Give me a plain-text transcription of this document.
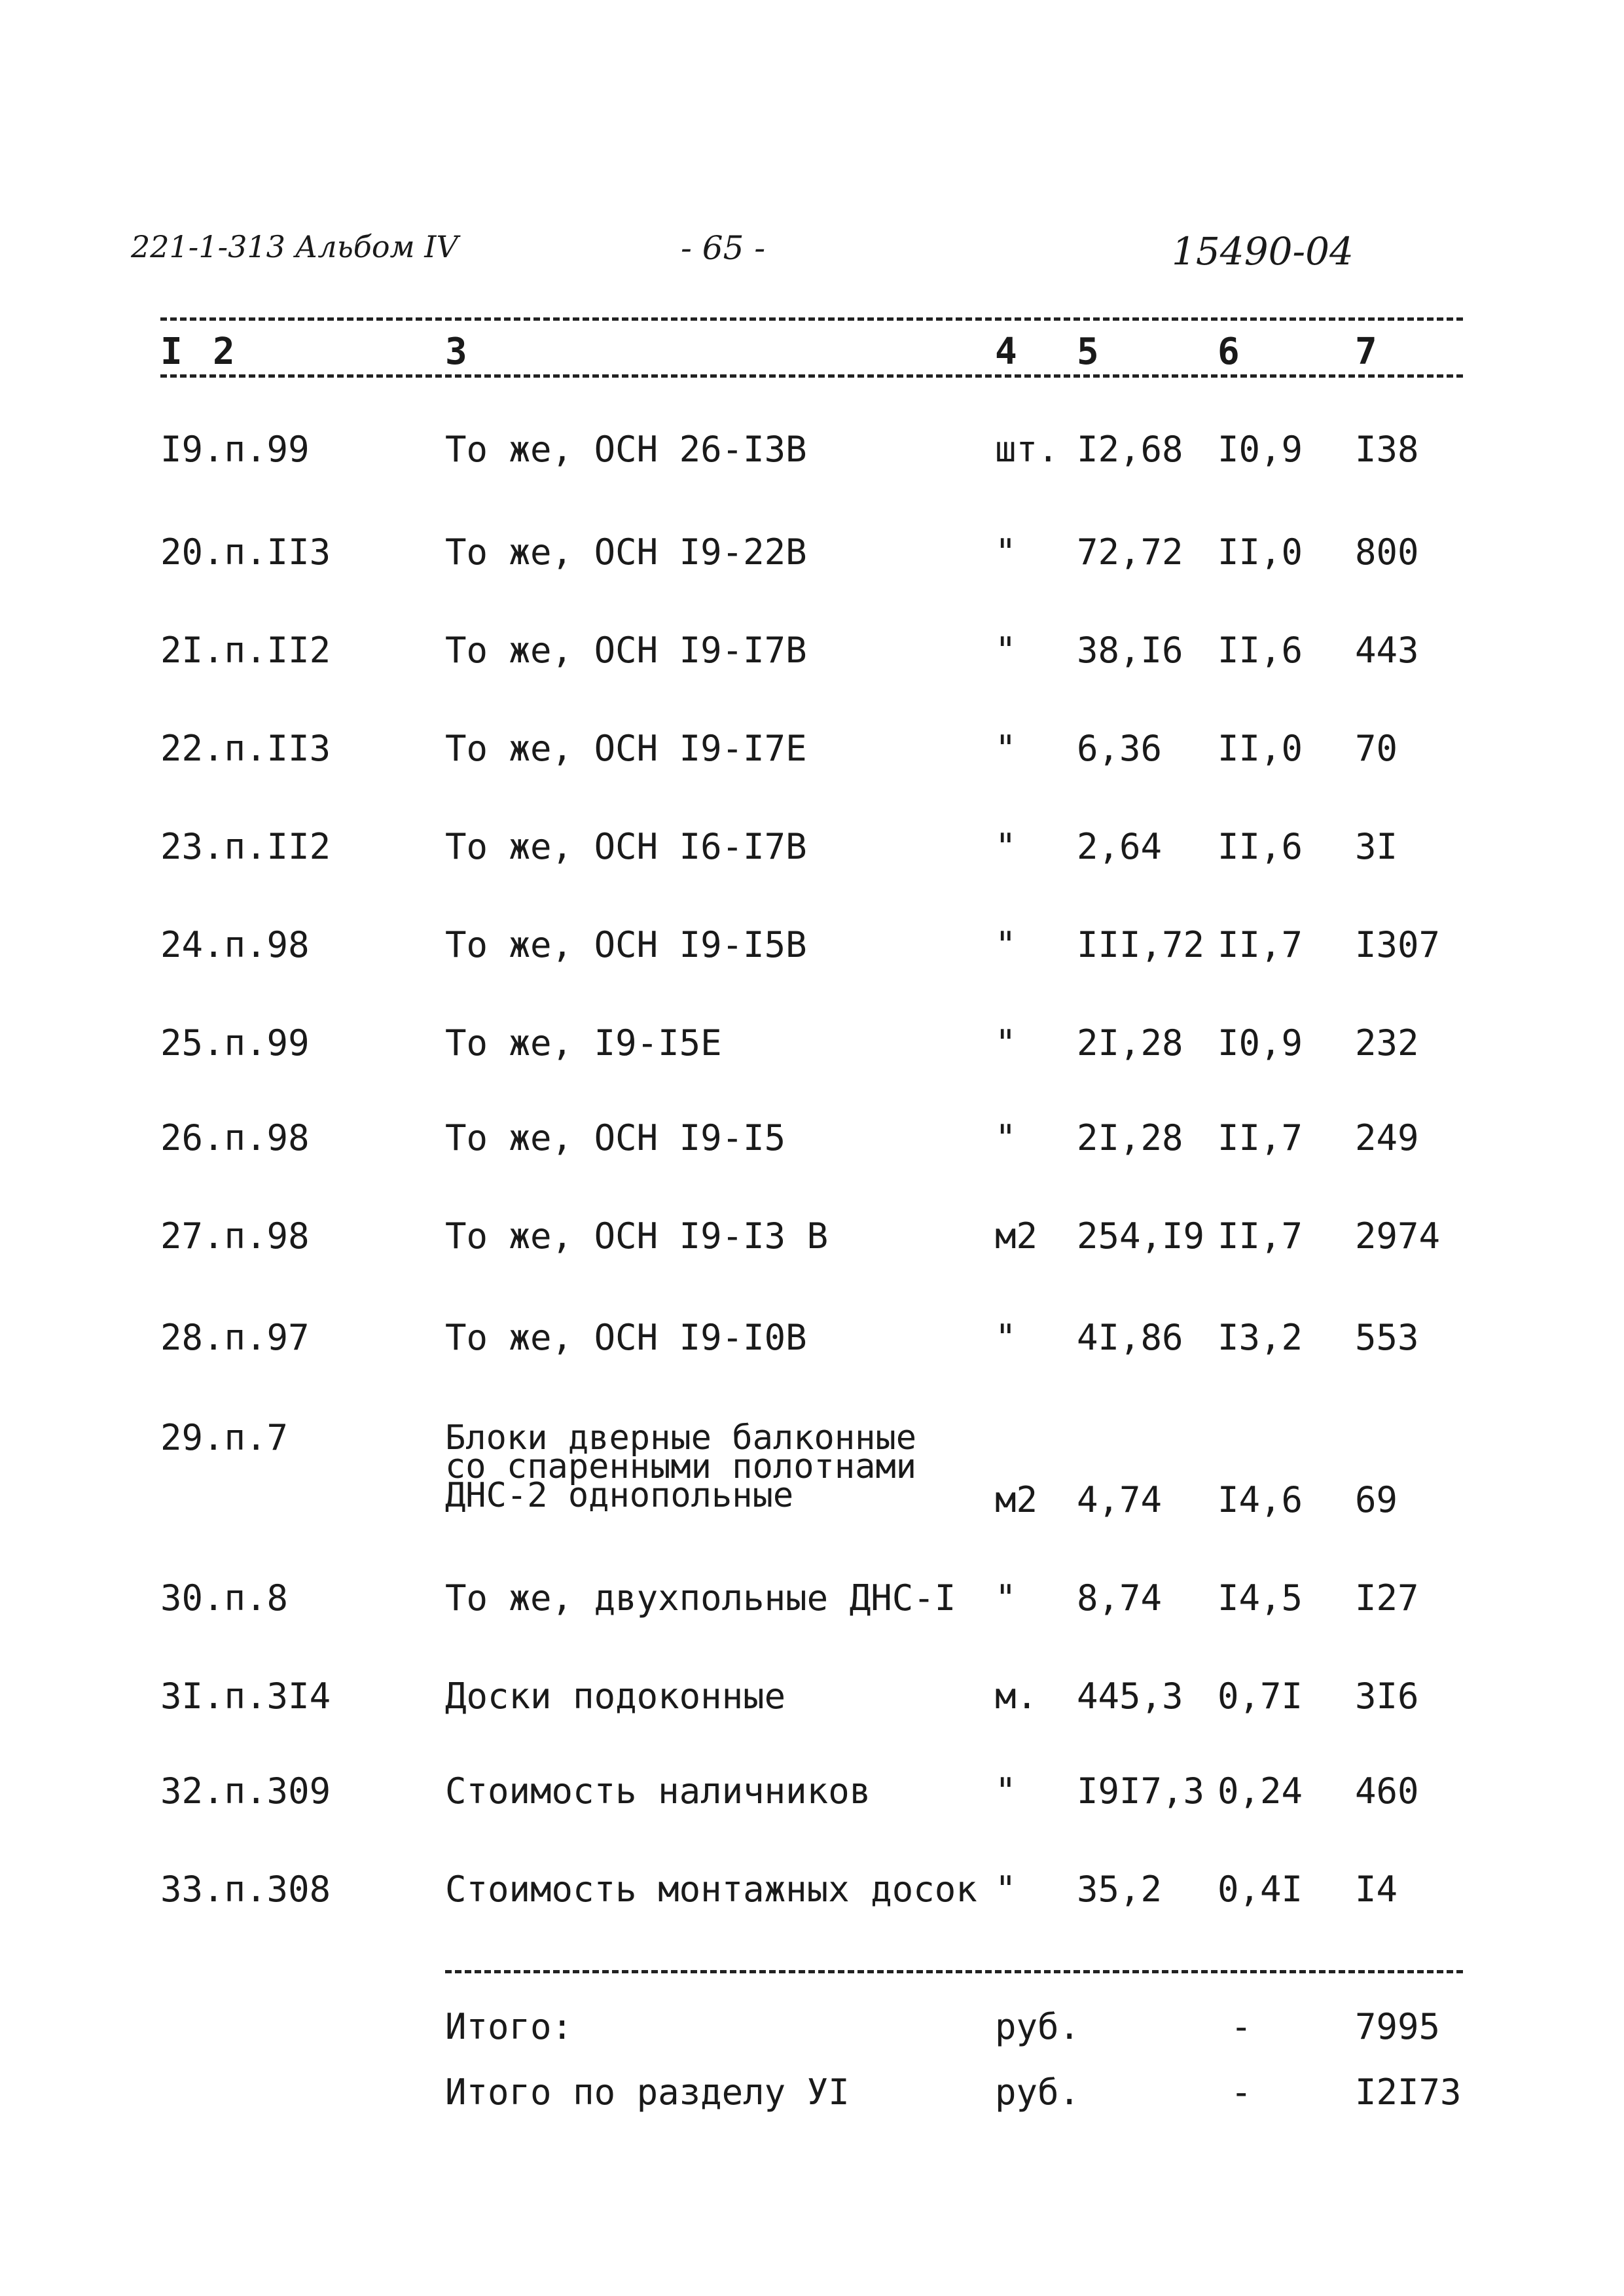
221-1-313 Альбом IV	- 65 -	15490-04
I 2	3	4 5	6	7
I9.п.99	То же, ОСН 26-I3В	шт. I2,68 I0,9 I38
20.п.II3	То же, ОСН I9-22В	" 72,72 II,0 800
2I.п.II2	То же, ОСН I9-I7В	" 38,I6 II,6 443
22.п.II3	То же, ОСН I9-I7Е	" 6,36 II,0 70
23.п.II2	То же, ОСН I6-I7В	" 2,64 II,6 3I
24.п.98	То же, ОСН I9-I5В	" III,72 II,7 I307
25.п.99	То же, I9-I5Е	" 2I,28 I0,9 232
26.п.98	То же, ОСН I9-I5	" 2I,28 II,7 249
27.п.98	То же, ОСН I9-I3 В	м2 254,I9 II,7 2974
28.п.97	То же, ОСН I9-I0В	" 4I,86 I3,2 553
29.п.7	Блоки дверные балконные
со спаренными полотнами
ДНС-2 однопольные	м2 4,74 I4,6 69
30.п.8	То же, двухпольные ДНС-I " 8,74 I4,5 I27
3I.п.3I4	Доски подоконные	м. 445,3 0,7I 3I6
32.п.309	Стоимость наличников	" I9I7,3 0,24 460
33.п.308	Стоимость монтажных досок " 35,2 0,4I I4
Итого:	руб.	-	7995
Итого по разделу УI	руб.	-	I2I73
